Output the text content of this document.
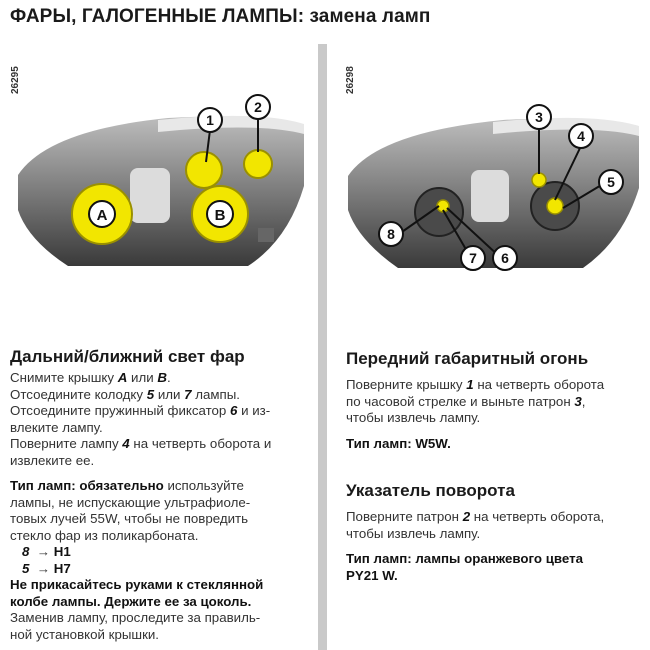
ФАРЫ, ГАЛОГЕННЫЕ ЛАМПЫ: замена ламп
26295
A	B
1
2
26298
3
4
5
6
7
8
Дальний/ближний свет фар
Снимите крышку A или B.
Отсоедините колодку 5 или 7 лампы.
Отсоедините пружинный фиксатор 6 и из-
влеките лампу.
Поверните лампу 4 на четверть оборота и
извлеките ее.
Тип ламп: обязательно используйте
лампы, не испускающие ультрафиоле-
товых лучей 55W, чтобы не повредить
стекло фар из поликарбоната.
8 → H1
5 → H7
Не прикасайтесь руками к стеклянной
колбе лампы. Держите ее за цоколь.
Заменив лампу, проследите за правиль-
ной установкой крышки.
Передний габаритный огонь
Поверните крышку 1 на четверть оборота
по часовой стрелке и выньте патрон 3,
чтобы извлечь лампу.
Тип ламп: W5W.
Указатель поворота
Поверните патрон 2 на четверть оборота,
чтобы извлечь лампу.
Тип ламп: лампы оранжевого цвета
PY21 W.
